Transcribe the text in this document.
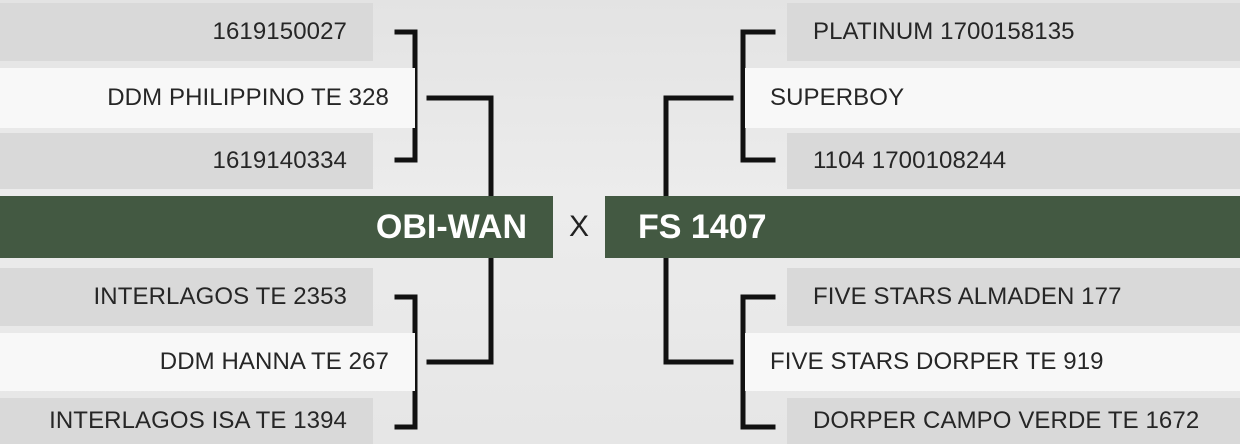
1619150027
DDM PHILIPPINO TE 328
1619140334
OBI-WAN
INTERLAGOS TE 2353
DDM HANNA TE 267
INTERLAGOS ISA TE 1394
X
PLATINUM 1700158135
SUPERBOY
1104 1700108244
FS 1407
FIVE STARS ALMADEN 177
FIVE STARS DORPER TE 919
DORPER CAMPO VERDE TE 1672
